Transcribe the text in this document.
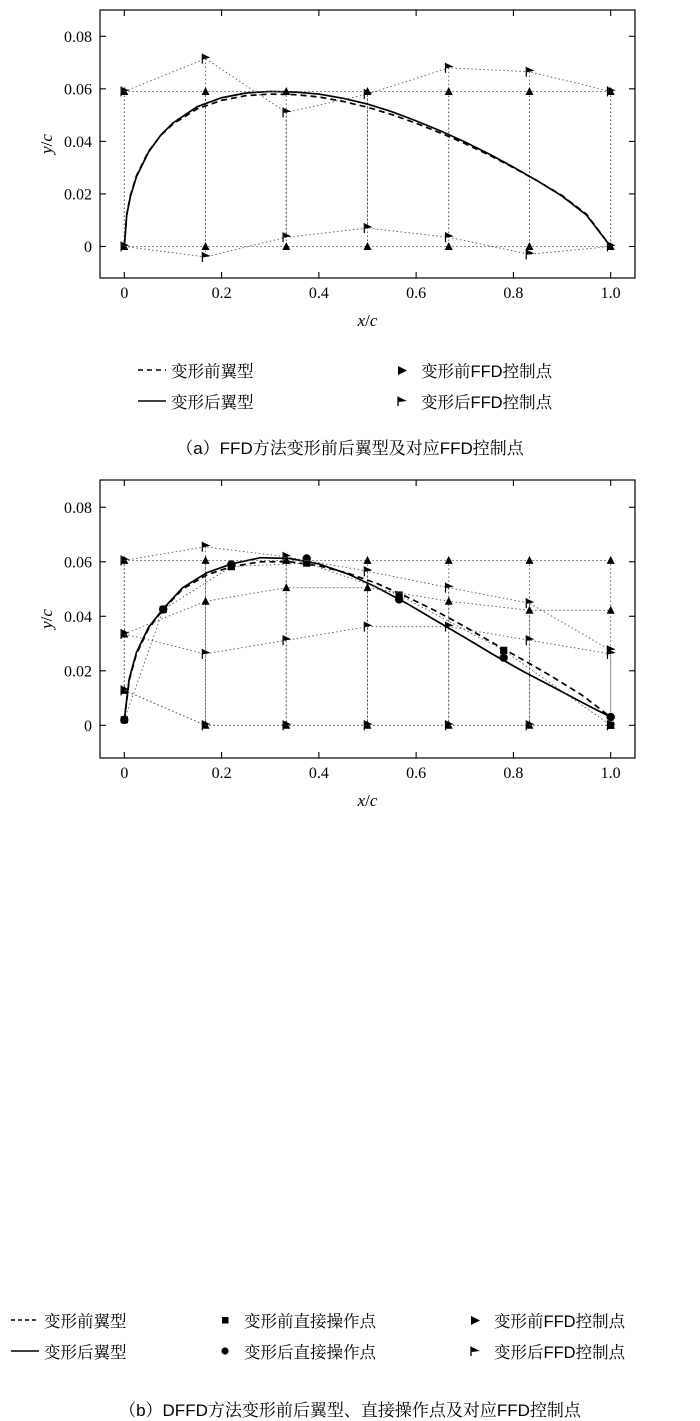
0	0.2	0.4	0.6	0.8	1.0
0
0.02
0.04
0.06
0.08
x/c
y/c
变形前翼型	变形前FFD控制点
变形后翼型	变形后FFD控制点
（a）FFD方法变形前后翼型及对应FFD控制点
0	0.2	0.4	0.6	0.8	1.0
0
0.02
0.04
0.06
0.08
x/c
y/c
变形前翼型	变形前直接操作点	变形前FFD控制点
变形后翼型	变形后直接操作点	变形后FFD控制点
（b）DFFD方法变形前后翼型、直接操作点及对应FFD控制点
